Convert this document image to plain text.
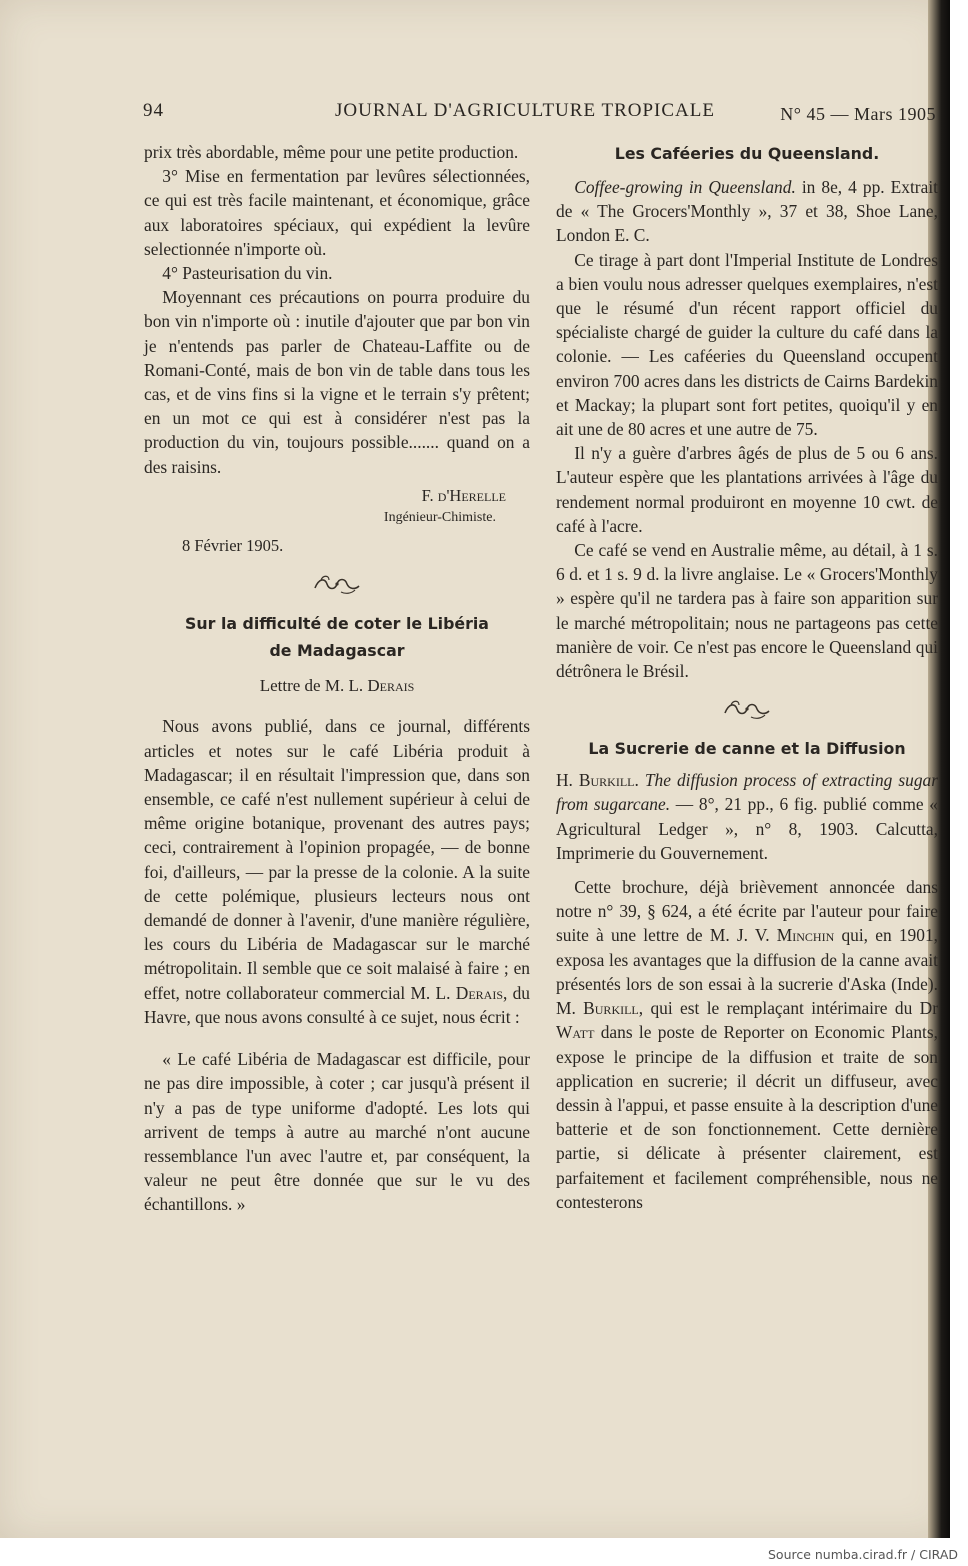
94	JOURNAL D'AGRICULTURE TROPICALE	N° 45 — Mars 1905

prix très abordable, même pour une petite production.

3° Mise en fermentation par levûres sélectionnées, ce qui est très facile maintenant, et économique, grâce aux laboratoires spéciaux, qui expédient la levûre selectionnée n'importe où.

4° Pasteurisation du vin.

Moyennant ces précautions on pourra produire du bon vin n'importe où : inutile d'ajouter que par bon vin je n'entends pas parler de Chateau-Laffite ou de Romani-Conté, mais de bon vin de table dans tous les cas, et de vins fins si la vigne et le terrain s'y prêtent; en un mot ce qui est à considérer n'est pas la production du vin, toujours possible....... quand on a des raisins.

F. d'Herelle
Ingénieur-Chimiste.
8 Février 1905.
Sur la difficulté de coter le Libéria
de Madagascar
Lettre de M. L. Derais

Nous avons publié, dans ce journal, différents articles et notes sur le café Libéria produit à Madagascar; il en résultait l'impression que, dans son ensemble, ce café n'est nullement supérieur à celui de même origine botanique, provenant des autres pays; ceci, contrairement à l'opinion propagée, — de bonne foi, d'ailleurs, — par la presse de la colonie. A la suite de cette polémique, plusieurs lecteurs nous ont demandé de donner à l'avenir, d'une manière régulière, les cours du Libéria de Madagascar sur le marché métropolitain. Il semble que ce soit malaisé à faire ; en effet, notre collaborateur commercial M. L. Derais, du Havre, que nous avons consulté à ce sujet, nous écrit :

« Le café Libéria de Madagascar est difficile, pour ne pas dire impossible, à coter ; car jusqu'à présent il n'y a pas de type uniforme d'adopté. Les lots qui arrivent de temps à autre au marché n'ont aucune ressemblance l'un avec l'autre et, par conséquent, la valeur ne peut être donnée que sur le vu des échantillons. »

Les Caféeries du Queensland.

Coffee-growing in Queensland. in 8e, 4 pp. Extrait de « The Grocers'Monthly », 37 et 38, Shoe Lane, London E. C.

Ce tirage à part dont l'Imperial Institute de Londres a bien voulu nous adresser quelques exemplaires, n'est que le résumé d'un récent rapport officiel du spécialiste chargé de guider la culture du café dans la colonie. — Les caféeries du Queensland occupent environ 700 acres dans les districts de Cairns Bardekin et Mackay; la plupart sont fort petites, quoiqu'il y en ait une de 80 acres et une autre de 75.

Il n'y a guère d'arbres âgés de plus de 5 ou 6 ans. L'auteur espère que les plantations arrivées à l'âge du rendement normal produiront en moyenne 10 cwt. de café à l'acre.

Ce café se vend en Australie même, au détail, à 1 s. 6 d. et 1 s. 9 d. la livre anglaise. Le « Grocers'Monthly » espère qu'il ne tardera pas à faire son apparition sur le marché métropolitain; nous ne partageons pas cette manière de voir. Ce n'est pas encore le Queensland qui détrônera le Brésil.

La Sucrerie de canne et la Diffusion

H. Burkill. The diffusion process of extracting sugar from sugarcane. — 8°, 21 pp., 6 fig. publié comme « Agricultural Ledger », n° 8, 1903. Calcutta, Imprimerie du Gouvernement.

Cette brochure, déjà brièvement annoncée dans notre n° 39, § 624, a été écrite par l'auteur pour faire suite à une lettre de M. J. V. Minchin qui, en 1901, exposa les avantages que la diffusion de la canne avait présentés lors de son essai à la sucrerie d'Aska (Inde). M. Burkill, qui est le remplaçant intérimaire du Dr Watt dans le poste de Reporter on Economic Plants, expose le principe de la diffusion et traite de son application en sucrerie; il décrit un diffuseur, avec dessin à l'appui, et passe ensuite à la description d'une batterie et de son fonctionnement. Cette dernière partie, si délicate à présenter clairement, est parfaitement et facilement compréhensible, nous ne contesterons

Source numba.cirad.fr / CIRAD
